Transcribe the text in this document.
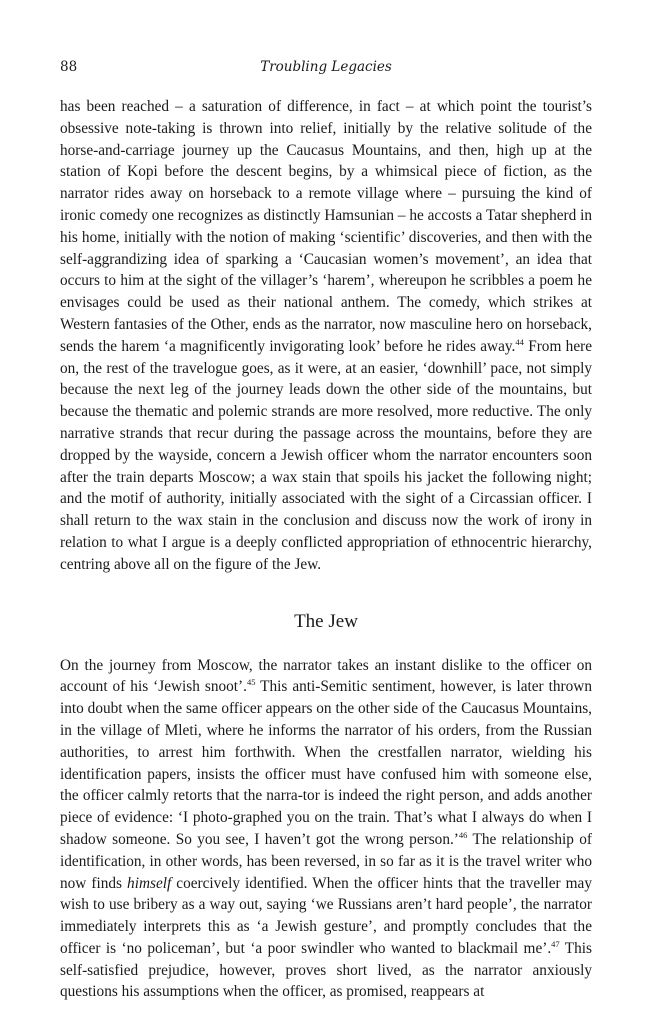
88	Troubling Legacies

has been reached – a saturation of difference, in fact – at which point the tourist’s obsessive note-taking is thrown into relief, initially by the relative solitude of the horse-and-carriage journey up the Caucasus Mountains, and then, high up at the station of Kopi before the descent begins, by a whimsical piece of fiction, as the narrator rides away on horseback to a remote village where – pursuing the kind of ironic comedy one recognizes as distinctly Hamsunian – he accosts a Tatar shepherd in his home, initially with the notion of making ‘scientific’ discoveries, and then with the self-aggrandizing idea of sparking a ‘Caucasian women’s movement’, an idea that occurs to him at the sight of the villager’s ‘harem’, whereupon he scribbles a poem he envisages could be used as their national anthem. The comedy, which strikes at Western fantasies of the Other, ends as the narrator, now masculine hero on horseback, sends the harem ‘a magnificently invigorating look’ before he rides away.$^{44}$ From here on, the rest of the travelogue goes, as it were, at an easier, ‘downhill’ pace, not simply because the next leg of the journey leads down the other side of the mountains, but because the thematic and polemic strands are more resolved, more reductive. The only narrative strands that recur during the passage across the mountains, before they are dropped by the wayside, concern a Jewish officer whom the narrator encounters soon after the train departs Moscow; a wax stain that spoils his jacket the following night; and the motif of authority, initially associated with the sight of a Circassian officer. I shall return to the wax stain in the conclusion and discuss now the work of irony in relation to what I argue is a deeply conflicted appropriation of ethnocentric hierarchy, centring above all on the figure of the Jew.

The Jew

On the journey from Moscow, the narrator takes an instant dislike to the officer on account of his ‘Jewish snoot’.$^{45}$ This anti-Semitic sentiment, however, is later thrown into doubt when the same officer appears on the other side of the Caucasus Mountains, in the village of Mleti, where he informs the narrator of his orders, from the Russian authorities, to arrest him forthwith. When the crestfallen narrator, wielding his identification papers, insists the officer must have confused him with someone else, the officer calmly retorts that the narra-tor is indeed the right person, and adds another piece of evidence: ‘I photo-graphed you on the train. That’s what I always do when I shadow someone. So you see, I haven’t got the wrong person.’$^{46}$ The relationship of identification, in other words, has been reversed, in so far as it is the travel writer who now finds himself coercively identified. When the officer hints that the traveller may wish to use bribery as a way out, saying ‘we Russians aren’t hard people’, the narrator immediately interprets this as ‘a Jewish gesture’, and promptly concludes that the officer is ‘no policeman’, but ‘a poor swindler who wanted to blackmail me’.$^{47}$ This self-satisfied prejudice, however, proves short lived, as the narrator anxiously questions his assumptions when the officer, as promised, reappears at
